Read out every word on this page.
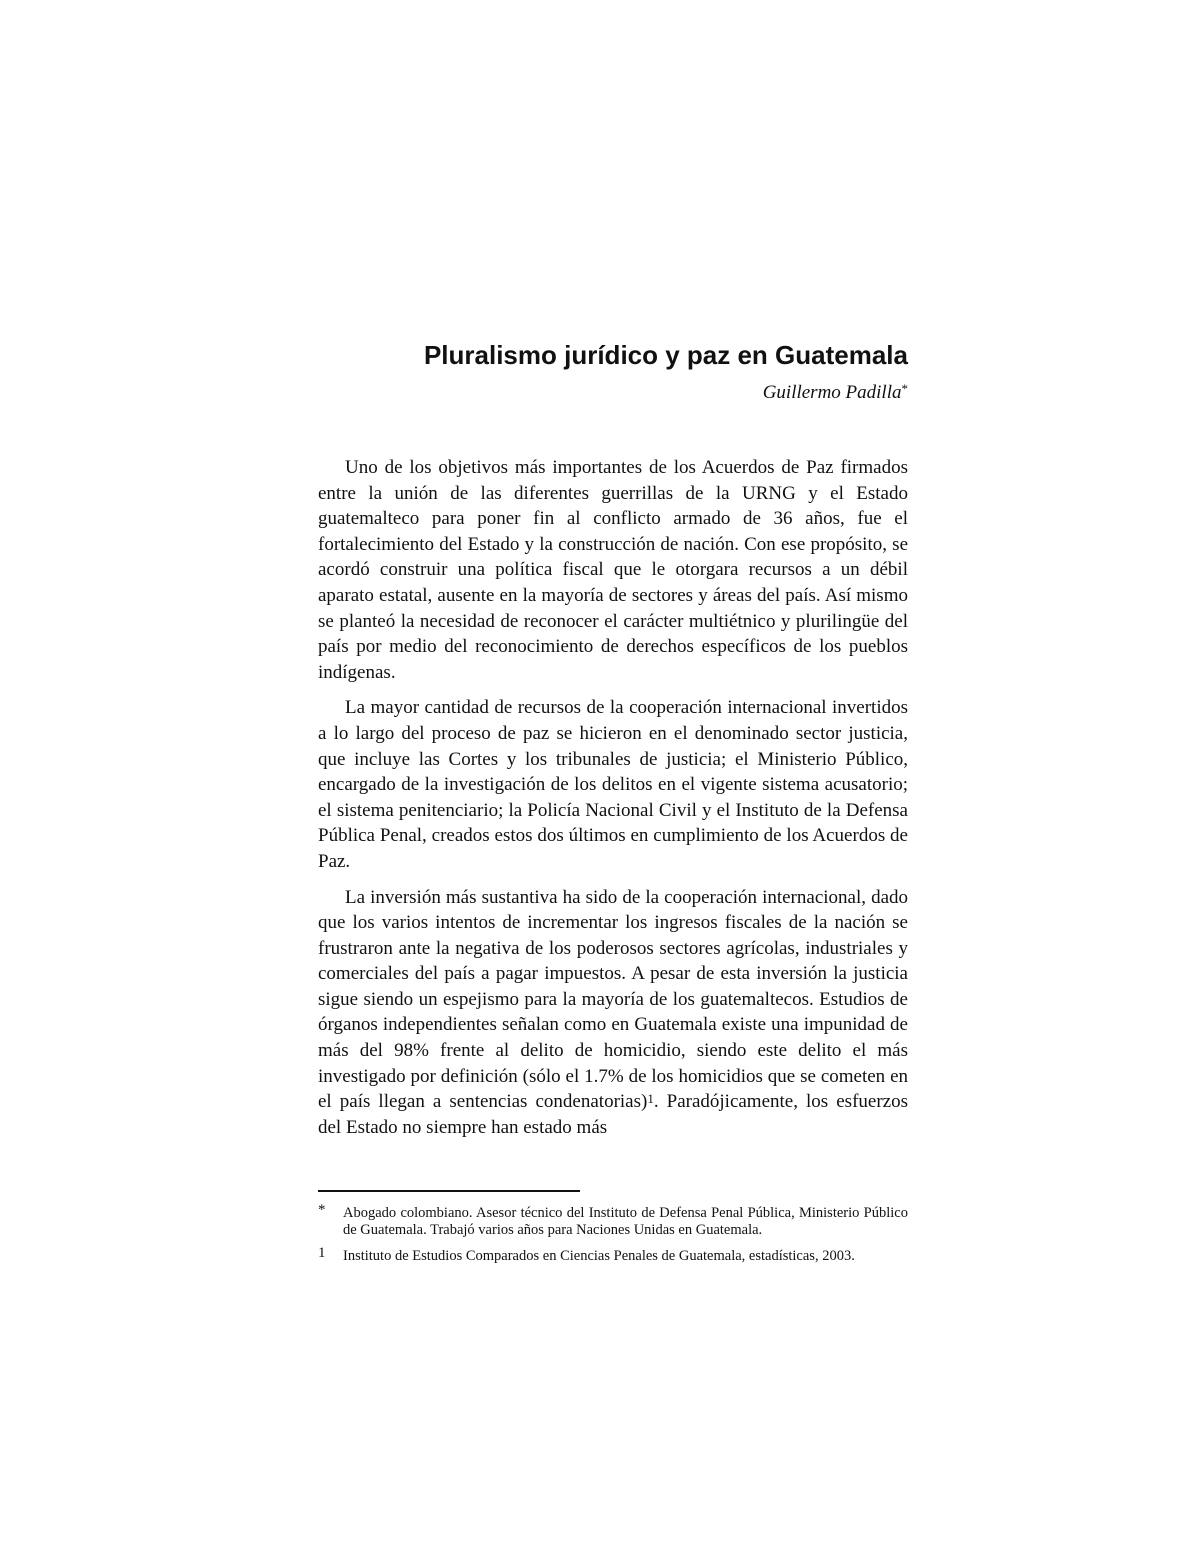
Pluralismo jurídico y paz en Guatemala
Guillermo Padilla*

Uno de los objetivos más importantes de los Acuerdos de Paz firmados entre la unión de las diferentes guerrillas de la URNG y el Estado guatemalteco para poner fin al conflicto armado de 36 años, fue el fortalecimiento del Estado y la construcción de nación. Con ese propósito, se acordó construir una política fiscal que le otorgara recursos a un débil aparato estatal, ausente en la mayoría de sectores y áreas del país. Así mismo se planteó la necesidad de reconocer el carácter multiétnico y plurilingüe del país por medio del reconocimiento de derechos específicos de los pueblos indígenas.

La mayor cantidad de recursos de la cooperación internacional invertidos a lo largo del proceso de paz se hicieron en el denominado sector justicia, que incluye las Cortes y los tribunales de justicia; el Ministerio Público, encargado de la investigación de los delitos en el vigente sistema acusatorio; el sistema penitenciario; la Policía Nacional Civil y el Instituto de la Defensa Pública Penal, creados estos dos últimos en cumplimiento de los Acuerdos de Paz.

La inversión más sustantiva ha sido de la cooperación internacional, dado que los varios intentos de incrementar los ingresos fiscales de la nación se frustraron ante la negativa de los poderosos sectores agrícolas, industriales y comerciales del país a pagar impuestos. A pesar de esta inversión la justicia sigue siendo un espejismo para la mayoría de los guatemaltecos. Estudios de órganos independientes señalan como en Guatemala existe una impunidad de más del 98% frente al delito de homicidio, siendo este delito el más investigado por definición (sólo el 1.7% de los homicidios que se cometen en el país llegan a sentencias condenatorias)$^1$. Paradójicamente, los esfuerzos del Estado no siempre han estado más

* Abogado colombiano. Asesor técnico del Instituto de Defensa Penal Pública, Ministerio Público de Guatemala. Trabajó varios años para Naciones Unidas en Guatemala.
1 Instituto de Estudios Comparados en Ciencias Penales de Guatemala, estadísticas, 2003.
